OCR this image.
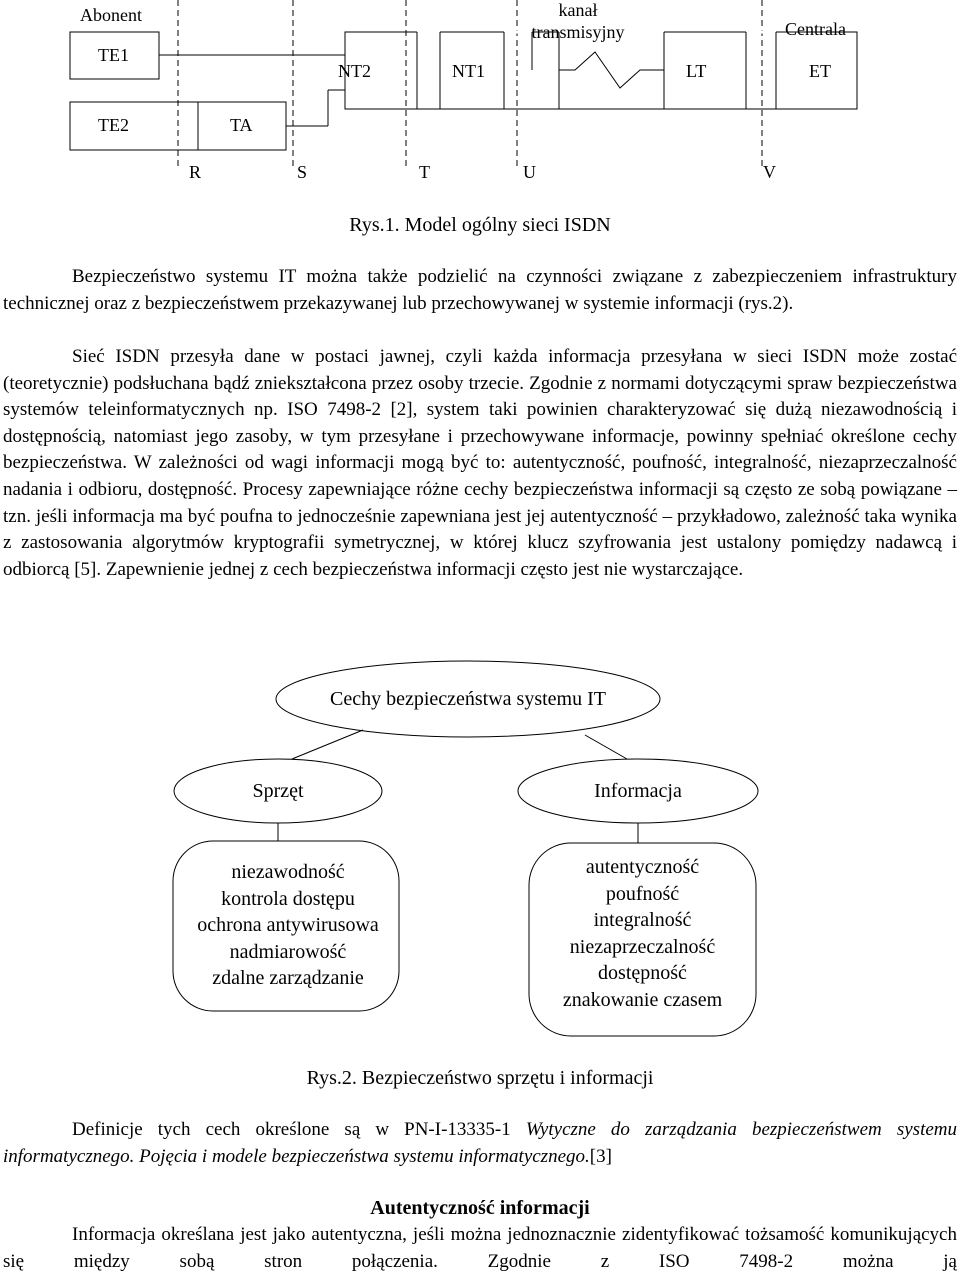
Abonent	kanał
transmisyjny	Centrala
TE1
NT2	NT1	LT	ET
TE2	TA
R	S	T	U	V
Rys.1. Model ogólny sieci ISDN

Bezpieczeństwo systemu IT można także podzielić na czynności związane z zabezpieczeniem infrastruktury technicznej oraz z bezpieczeństwem przekazywanej lub przechowywanej w systemie informacji (rys.2).

Sieć ISDN przesyła dane w postaci jawnej, czyli każda informacja przesyłana w sieci ISDN może zostać (teoretycznie) podsłuchana bądź zniekształcona przez osoby trzecie. Zgodnie z normami dotyczącymi spraw bezpieczeństwa systemów teleinformatycznych np. ISO 7498-2 [2], system taki powinien charakteryzować się dużą niezawodnością i dostępnością, natomiast jego zasoby, w tym przesyłane i przechowywane informacje, powinny spełniać określone cechy bezpieczeństwa. W zależności od wagi informacji mogą być to: autentyczność, poufność, integralność, niezaprzeczalność nadania i odbioru, dostępność. Procesy zapewniające różne cechy bezpieczeństwa informacji są często ze sobą powiązane – tzn. jeśli informacja ma być poufna to jednocześnie zapewniana jest jej autentyczność – przykładowo, zależność taka wynika z zastosowania algorytmów kryptografii symetrycznej, w której klucz szyfrowania jest ustalony pomiędzy nadawcą i odbiorcą [5]. Zapewnienie jednej z cech bezpieczeństwa informacji często jest nie wystarczające.

Cechy bezpieczeństwa systemu IT
Sprzęt	Informacja
niezawodność
kontrola dostępu
ochrona antywirusowa
nadmiarowość
zdalne zarządzanie
autentyczność
poufność
integralność
niezaprzeczalność
dostępność
znakowanie czasem
Rys.2. Bezpieczeństwo sprzętu i informacji

Definicje tych cech określone są w PN-I-13335-1 Wytyczne do zarządzania bezpieczeństwem systemu informatycznego. Pojęcia i modele bezpieczeństwa systemu informatycznego.[3]

Autentyczność informacji

Informacja określana jest jako autentyczna, jeśli można jednoznacznie zidentyfikować tożsamość komunikujących się między sobą stron połączenia. Zgodnie z ISO 7498-2 można ją
